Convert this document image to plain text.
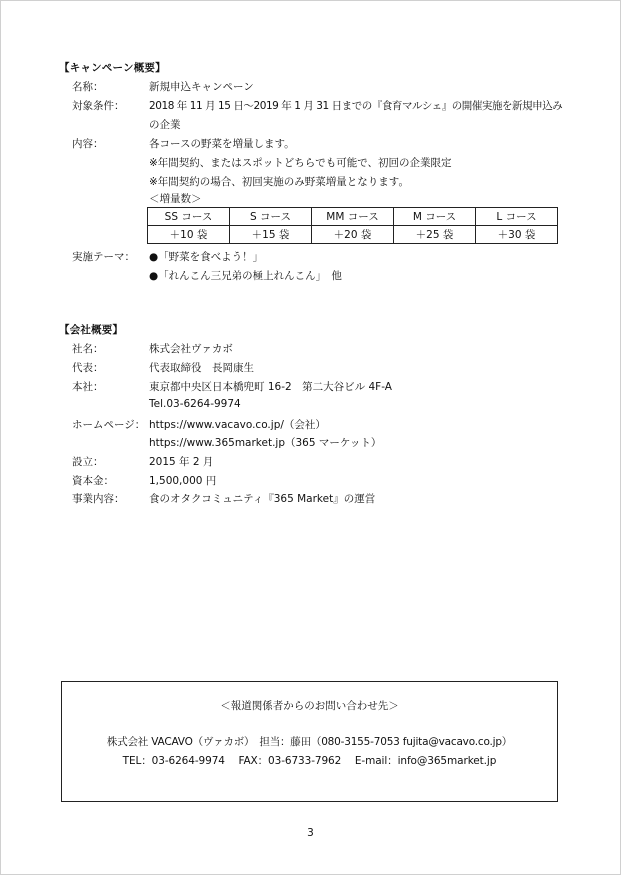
【キャンペーン概要】
名称：	新規申込キャンペーン
対象条件： 2018 年 11 月 15 日～2019 年 1 月 31 日までの『食育マルシェ』の開催実施を新規申込み
の企業
内容：	各コースの野菜を増量します。
※年間契約、またはスポットどちらでも可能で、初回の企業限定
※年間契約の場合、初回実施のみ野菜増量となります。
＜増量数＞
SS コース	S コース	MM コース	M コース	L コース
＋10 袋	＋15 袋	＋20 袋	＋25 袋	＋30 袋
実施テーマ： ●「野菜を食べよう！」
●「れんこん三兄弟の極上れんこん」　他
【会社概要】
社名：	株式会社ヴァカボ
代表：	代表取締役　長岡康生
本社：	東京都中央区日本橋兜町 16-2　第二大谷ビル 4F-A
Tel.03-6264-9974
ホームページ： https://www.vacavo.co.jp/（会社）
https://www.365market.jp（365 マーケット）
設立：	2015 年 2 月
資本金：	1,500,000 円
事業内容： 食のオタクコミュニティ『365 Market』の運営
＜報道関係者からのお問い合わせ先＞
株式会社 VACAVO（ヴァカボ）　担当：藤田（080-3155-7053 fujita@vacavo.co.jp）
TEL：03-6264-9974　 FAX：03-6733-7962　 E-mail：info@365market.jp
3
